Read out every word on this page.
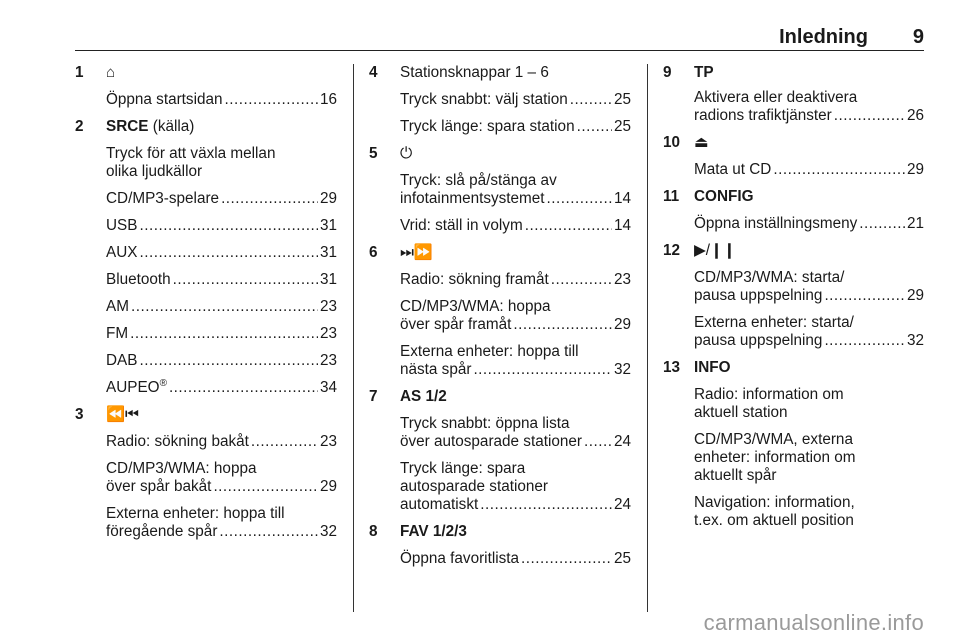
Inledning 9
1 ⌂
Öppna startsidan .....	16
2 SRCE (källa)
Tryck för att växla mellan
olika ljudkällor
CD/MP3-spelare .....	29
USB .....	31
AUX .....	31
Bluetooth .....	31
AM .....	23
FM .....	23
DAB .....	23
AUPEO® .....	34
3 ⏪⏮
Radio: sökning bakåt .....	23
CD/MP3/WMA: hoppa
över spår bakåt .....	29
Externa enheter: hoppa till
föregående spår .....	32
4 Stationsknappar 1 – 6
Tryck snabbt: välj station .....	25
Tryck länge: spara station .....	25
5 ⏻
Tryck: slå på/stänga av
infotainmentsystemet .....	14
Vrid: ställ in volym .....	14
6 ⏭⏩
Radio: sökning framåt .....	23
CD/MP3/WMA: hoppa
över spår framåt .....	29
Externa enheter: hoppa till
nästa spår .....	32
7 AS 1/2
Tryck snabbt: öppna lista
över autosparade stationer ..... 24
Tryck länge: spara
autosparade stationer
automatiskt .....	24
8 FAV 1/2/3
Öppna favoritlista .....	25
9 TP
Aktivera eller deaktivera
radions trafiktjänster .....	26
10 ⏏
Mata ut CD .....	29
11 CONFIG
Öppna inställningsmeny .....	21
12 ▶/❙❙
CD/MP3/WMA: starta/
pausa uppspelning .....	29
Externa enheter: starta/
pausa uppspelning .....	32
13 INFO
Radio: information om
aktuell station
CD/MP3/WMA, externa
enheter: information om
aktuellt spår
Navigation: information,
t.ex. om aktuell position
carmanualsonline.info
